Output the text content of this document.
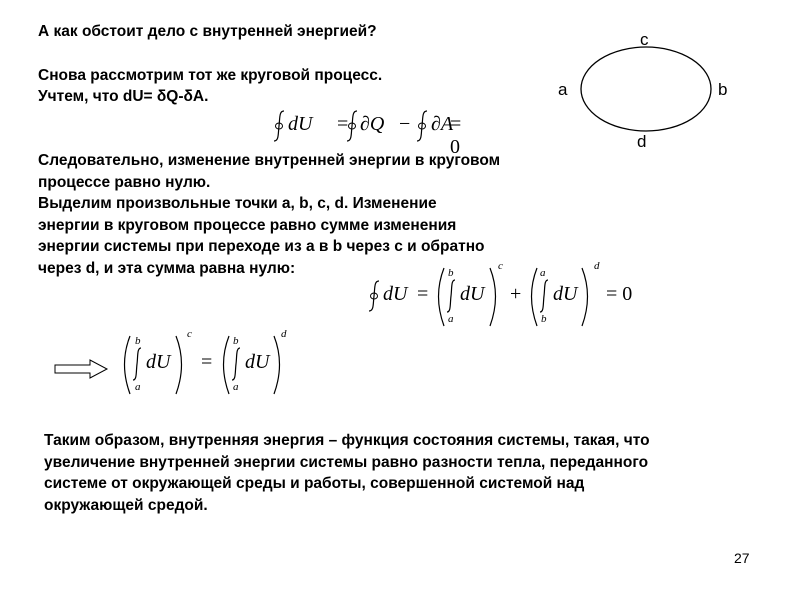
А как обстоит дело с внутренней энергией?
Снова рассмотрим тот же круговой процесс.
Учтем, что dU= δQ-δA.
c
a	b
d
dU = ∂Q − ∂A
= 0
Следовательно, изменение внутренней энергии в круговом
процессе равно нулю.
Выделим произвольные точки a, b, c, d. Изменение
энергии в круговом процессе равно сумме изменения
энергии системы при переходе из а в b через с и обратно
через d, и эта сумма равна нулю:
dU =
b
a
dU
c
+
a
b
dU
d
= 0
b
a
dU
c
=
b
a
dU
d
Таким образом, внутренняя энергия – функция состояния системы, такая, что
увеличение внутренней энергии системы равно разности тепла, переданного
системе от окружающей среды и работы, совершенной системой над
окружающей средой.
27
